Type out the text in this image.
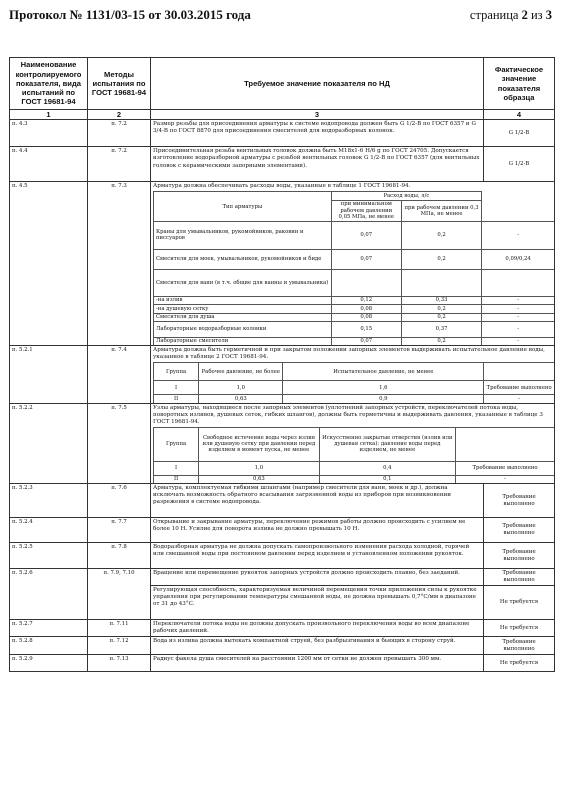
Протокол № 1131/03-15 от 30.03.2015 года	страница 2 из 3
Наименование контролируемого показателя, вида испытаний по ГОСТ 19681-94	Методы испытания по ГОСТ 19681-94	Требуемое значение показателя по НД	Фактическое значение показателя образца
1	2	3	4
п. 4.3	п. 7.2	Размер резьбы для присоединения арматуры к системе водопровода должен быть G 1/2-B по ГОСТ 6357 и G 3/4-B по ГОСТ 8870 для присоединения смесителей для водоразборных колонок.	G 1/2-B
п. 4.4	п. 7.2	Присоединительная резьба вентильных головок должна быть M18x1-6 H/6 g по ГОСТ 24705. Допускается изготовление водоразборной арматуры с резьбой вентильных головок G 1/2-B по ГОСТ 6357 (для вентильных головок с керамическими запорными элементами).	G 1/2-B
п. 4.5	п. 7.3	Арматура должна обеспечивать расходы воды, указанные в таблице 1 ГОСТ 19681-94.
Тип арматуры	Расход воды, л/с	
при минимальном рабочем давлении 0,05 МПа, не менее	при рабочем давлении 0,3 МПа, не менее
Краны для умывальников, рукомойников, раковин и писсуаров	0,07	0,2	-
Смесители для моек, умывальников, рукомойников и биде	0,07	0,2	0,09/0,24
Смесители для ванн (в т.ч. общие для ванны и умывальника)			
-на излив	0,12	0,33	-
-на душевую сетку	0,08	0,2	-
Смесители для душа	0,08	0,2	-
Лабораторные водоразборные колонки	0,15	0,37	-
Лабораторные смесители	0,07	0,2	-

п. 5.2.1	п. 7.4	Арматура должна быть герметичной и при закрытом положении запорных элементов выдерживать испытательное давление воды, указанное в таблице 2 ГОСТ 19681-94.
Группа	Рабочее давление, не более	Испытательное давление, не менее	
I	1,0	1,6	Требование выполнено
II	0,63	0,9	-

п. 5.2.2	п. 7.5	Узлы арматуры, находящиеся после запорных элементов (уплотнений запорных устройств, переключателей потока воды, поворотных изливов, душевых сеток, гибких шлангов), должны быть герметичны и выдерживать давления, указанные в таблице 3 ГОСТ 19681-94.
Группа	Свободное истечение воды через излив или душевую сетку при давлении перед изделием в момент пуска, не менее	Искусственно закрытые отверстия (излив или душевая сетка): давление воды перед изделием, не менее	
I	1,0	0,4	Требование выполнено
II	0,63	0,1	-

п. 5.2.3	п. 7.6	Арматура, комплектуемая гибкими шлангами (например смесители для ванн, моек и др.), должна исключать возможность обратного всасывания загрязненной воды из приборов при возникновении разрежения в системе водопровода.	Требование выполнено
п. 5.2.4	п. 7.7	Открывание и закрывание арматуры, переключение режимов работы должно происходить с усилием не более 10 Н. Усилие для поворота излива не должно превышать 10 Н.	Требование выполнено
п. 5.2.5	п. 7.8	Водоразборная арматура не должна допускать самопроизвольного изменения расхода холодной, горячей или смешанной воды при постоянном давлении перед изделием и установленном положении рукояток.	Требование выполнено
п. 5.2.6	п. 7.9, 7.10	Вращение или перемещение рукояток запорных устройств должно происходить плавно, без заеданий.	Требование выполнено
Регулирующая способность, характеризуемая величиной перемещения точки приложения силы к рукоятке управления при регулировании температуры смешанной воды, не должна превышать 0,7°C/мм в диапазоне от 31 до 43°C.	Не требуется
п. 5.2.7	п. 7.11	Переключатели потока воды не должны допускать произвольного переключения воды во всем диапазоне рабочих давлений.	Не требуется
п. 5.2.8	п. 7.12	Вода из излива должна вытекать компактной струей, без разбрызгивания и бьющих в сторону струй.	Требование выполнено
п. 5.2.9	п. 7.13	Радиус факела душа смесителей на расстоянии 1200 мм от сетки не должен превышать 300 мм.	Не требуется
